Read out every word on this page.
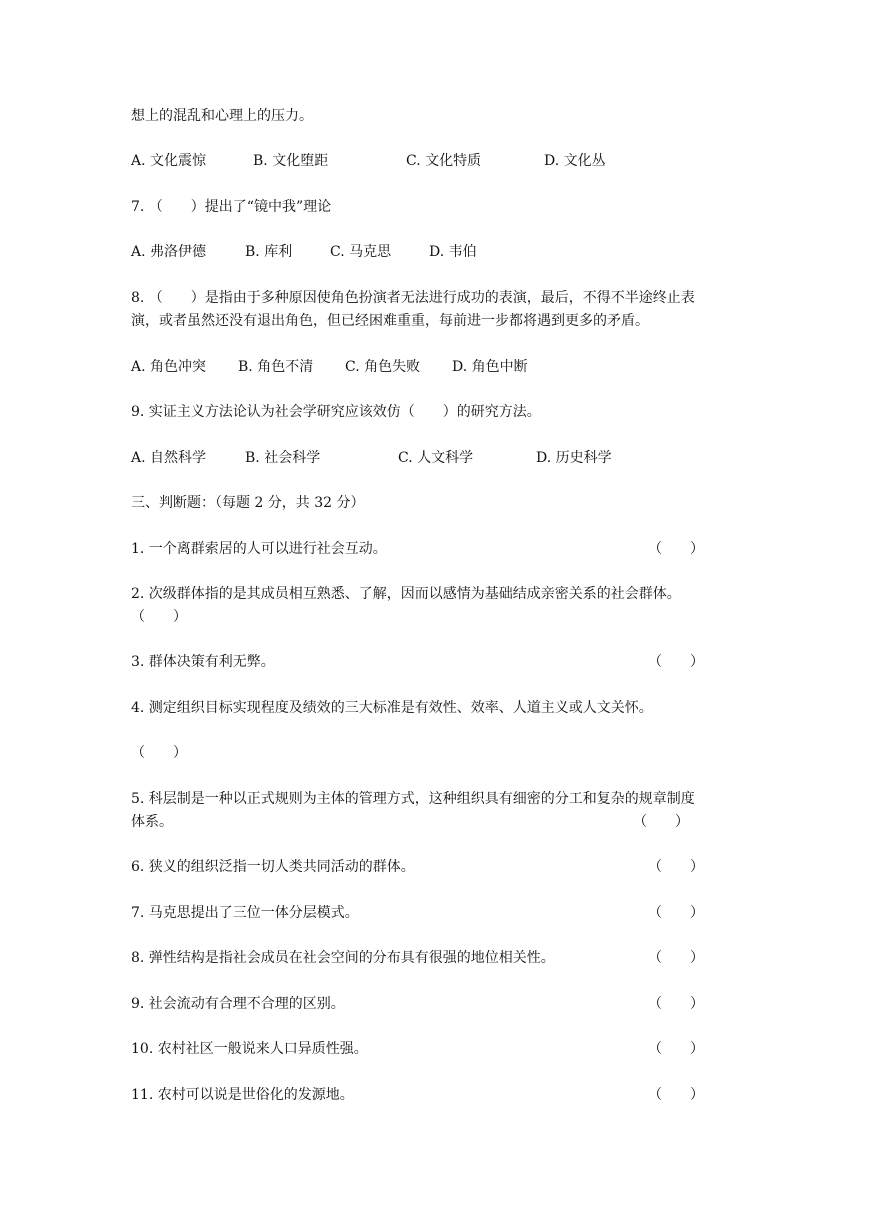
想上的混乱和心理上的压力。
A. 文化震惊	B. 文化堕距	C. 文化特质	D. 文化丛
7. （　　）提出了“镜中我”理论
A. 弗洛伊德	B. 库利	C. 马克思	D. 韦伯
8. （　　）是指由于多种原因使角色扮演者无法进行成功的表演，最后，不得不半途终止表
演，或者虽然还没有退出角色，但已经困难重重，每前进一步都将遇到更多的矛盾。
A. 角色冲突 B. 角色不清 C. 角色失败 D. 角色中断
9. 实证主义方法论认为社会学研究应该效仿（　　）的研究方法。
A. 自然科学	B. 社会科学	C. 人文科学	D. 历史科学
三、判断题：（每题 2 分，共 32 分）
1. 一个离群索居的人可以进行社会互动。	（　　）
2. 次级群体指的是其成员相互熟悉、了解，因而以感情为基础结成亲密关系的社会群体。
（　　）
3. 群体决策有利无弊。	（　　）
4. 测定组织目标实现程度及绩效的三大标准是有效性、效率、人道主义或人文关怀。
（　　）
5. 科层制是一种以正式规则为主体的管理方式，这种组织具有细密的分工和复杂的规章制度
体系。	（　　）
6. 狭义的组织泛指一切人类共同活动的群体。	（　　）
7. 马克思提出了三位一体分层模式。	（　　）
8. 弹性结构是指社会成员在社会空间的分布具有很强的地位相关性。	（　　）
9. 社会流动有合理不合理的区别。	（　　）
10. 农村社区一般说来人口异质性强。	（　　）
11. 农村可以说是世俗化的发源地。	（　　）
